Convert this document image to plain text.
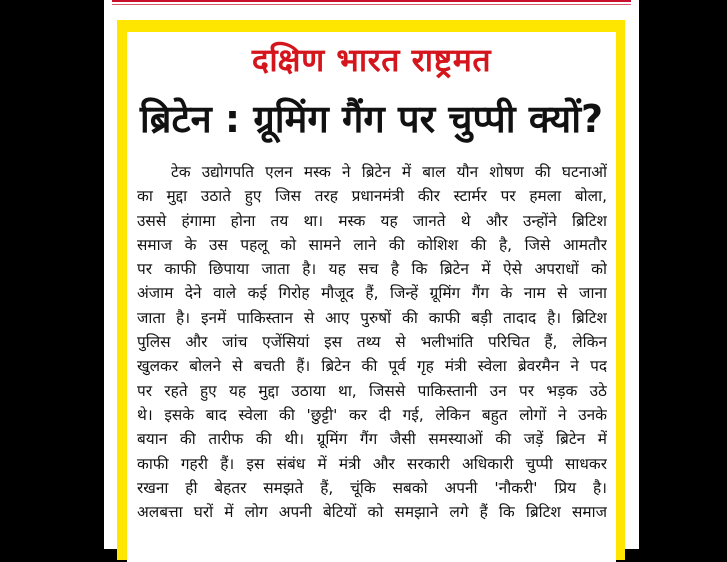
दक्षिण भारत राष्ट्रमत
ब्रिटेन : ग्रूमिंग गैंग पर चुप्पी क्यों?
टेक उद्योगपति एलन मस्क ने ब्रिटेन में बाल यौन शोषण की घटनाओं
का मुद्दा उठाते हुए जिस तरह प्रधानमंत्री कीर स्टार्मर पर हमला बोला,
उससे हंगामा होना तय था। मस्क यह जानते थे और उन्होंने ब्रिटिश
समाज के उस पहलू को सामने लाने की कोशिश की है, जिसे आमतौर
पर काफी छिपाया जाता है। यह सच है कि ब्रिटेन में ऐसे अपराधों को
अंजाम देने वाले कई गिरोह मौजूद हैं, जिन्हें ग्रूमिंग गैंग के नाम से जाना
जाता है। इनमें पाकिस्तान से आए पुरुषों की काफी बड़ी तादाद है। ब्रिटिश
पुलिस और जांच एजेंसियां इस तथ्य से भलीभांति परिचित हैं, लेकिन
खुलकर बोलने से बचती हैं। ब्रिटेन की पूर्व गृह मंत्री स्वेला ब्रेवरमैन ने पद
पर रहते हुए यह मुद्दा उठाया था, जिससे पाकिस्तानी उन पर भड़क उठे
थे। इसके बाद स्वेला की 'छुट्टी' कर दी गई, लेकिन बहुत लोगों ने उनके
बयान की तारीफ की थी। ग्रूमिंग गैंग जैसी समस्याओं की जड़ें ब्रिटेन में
काफी गहरी हैं। इस संबंध में मंत्री और सरकारी अधिकारी चुप्पी साधकर
रखना ही बेहतर समझते हैं, चूंकि सबको अपनी 'नौकरी' प्रिय है।
अलबत्ता घरों में लोग अपनी बेटियों को समझाने लगे हैं कि ब्रिटिश समाज
